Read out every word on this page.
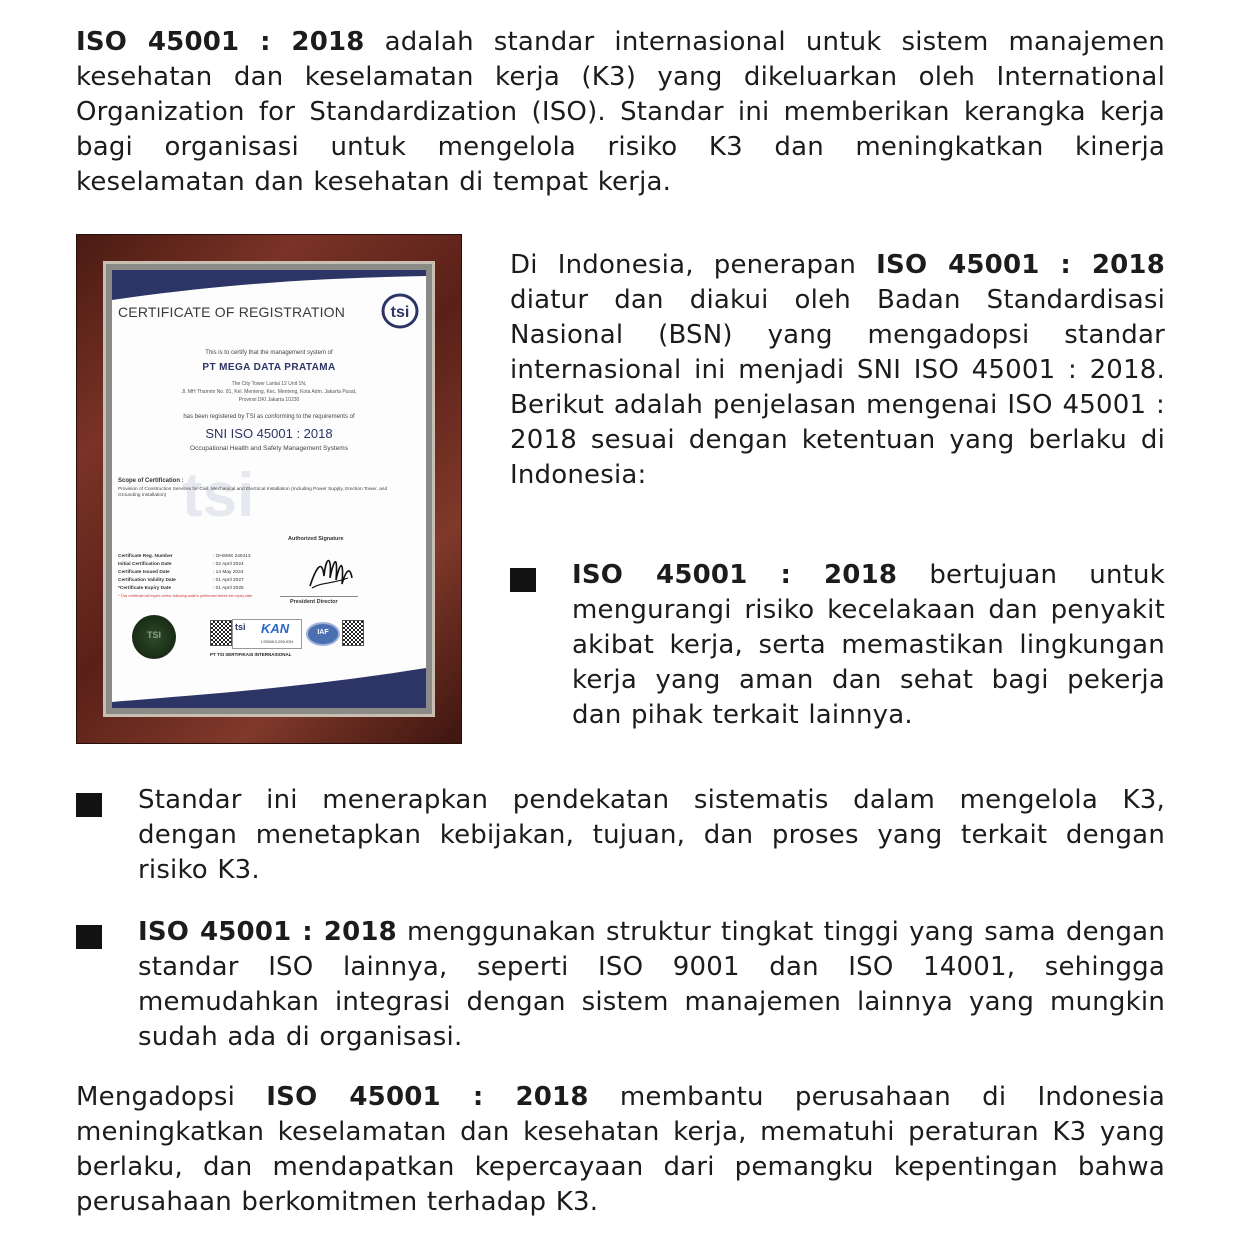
ISO 45001 : 2018 adalah standar internasional untuk sistem manajemen kesehatan dan keselamatan kerja (K3) yang dikeluarkan oleh International Organization for Standardization (ISO). Standar ini memberikan kerangka kerja bagi organisasi untuk mengelola risiko K3 dan meningkatkan kinerja keselamatan dan kesehatan di tempat kerja.
tsi
CERTIFICATE OF REGISTRATION	tsi
This is to certify that the management system of
PT MEGA DATA PRATAMA
The City Tower Lantai 12 Unit 1N,
Jl. MH Thamrin No. 81, Kel. Menteng, Kec. Menteng, Kota Adm. Jakarta Pusat,
Provinsi DKI Jakarta 10230
has been registered by TSI as conforming to the requirements of
SNI ISO 45001 : 2018
Occupational Health and Safety Management Systems
Scope of Certification :
Provision of Construction Services for Civil, Mechanical and Electrical Installation (Including Power Supply, Erection Tower, and Grounding Installation)
Authorized Signature
Certificate Reg. Number	: OHSMS 240413
Initial Certification Date	: 02 April 2024
Certificate Issued Date	: 14 May 2024
Certification Validity Date	: 01 April 2027
*Certificate Expiry Date	: 01 April 2025
* This certificate will expire unless following audit is performed before the expiry date
President Director
TSI
tsi KAN
LSSMK3-090-IDN
IAF
PT TSI SERTIFIKASI INTERNASIONAL
Di Indonesia, penerapan ISO 45001 : 2018 diatur dan diakui oleh Badan Standardisasi Nasional (BSN) yang mengadopsi standar internasional ini menjadi SNI ISO 45001 : 2018. Berikut adalah penjelasan mengenai ISO 45001 : 2018 sesuai dengan ketentuan yang berlaku di Indonesia:
ISO 45001 : 2018 bertujuan untuk mengurangi risiko kecelakaan dan penyakit akibat kerja, serta memastikan lingkungan kerja yang aman dan sehat bagi pekerja dan pihak terkait lainnya.
Standar ini menerapkan pendekatan sistematis dalam mengelola K3, dengan menetapkan kebijakan, tujuan, dan proses yang terkait dengan risiko K3.
ISO 45001 : 2018 menggunakan struktur tingkat tinggi yang sama dengan standar ISO lainnya, seperti ISO 9001 dan ISO 14001, sehingga memudahkan integrasi dengan sistem manajemen lainnya yang mungkin sudah ada di organisasi.
Mengadopsi ISO 45001 : 2018 membantu perusahaan di Indonesia meningkatkan keselamatan dan kesehatan kerja, mematuhi peraturan K3 yang berlaku, dan mendapatkan kepercayaan dari pemangku kepentingan bahwa perusahaan berkomitmen terhadap K3.
